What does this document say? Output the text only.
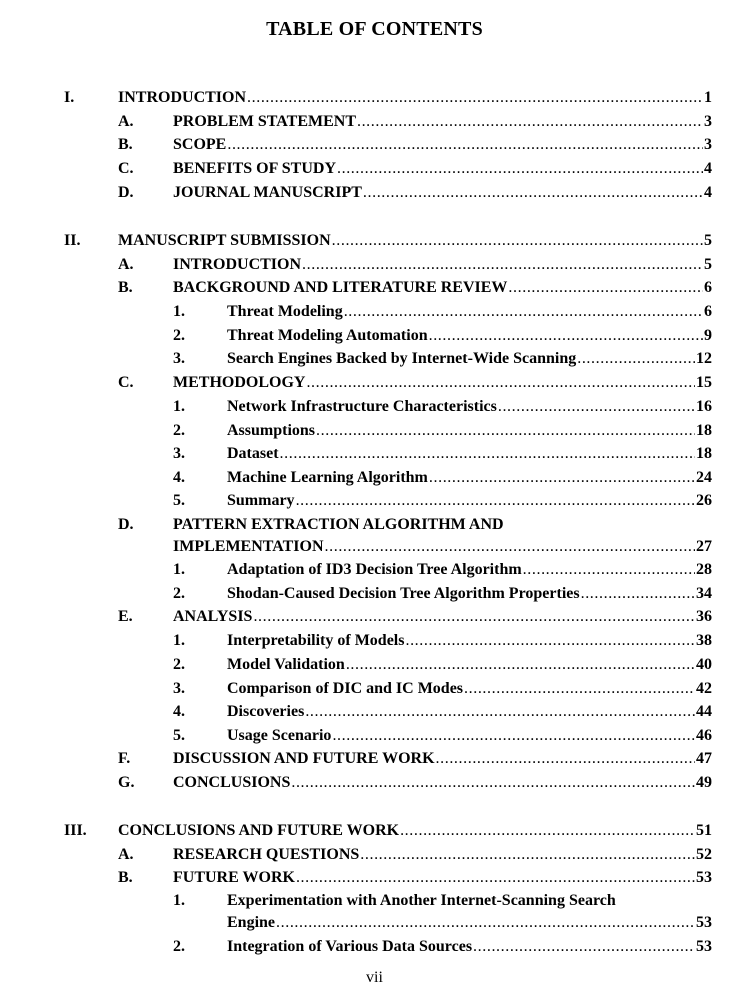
TABLE OF CONTENTS
I.	INTRODUCTION .....	1
A. PROBLEM STATEMENT .....	3
B.	SCOPE .....	3
C. BENEFITS OF STUDY .....	4
D. JOURNAL MANUSCRIPT .....	4
II. MANUSCRIPT SUBMISSION .....	5
A. INTRODUCTION .....	5
B.	BACKGROUND AND LITERATURE REVIEW .....	6
1.	Threat Modeling .....	6
2.	Threat Modeling Automation .....	9
3.	Search Engines Backed by Internet-Wide Scanning .....	12
C. METHODOLOGY .....	15
1.	Network Infrastructure Characteristics .....	16
2.	Assumptions .....	18
3.	Dataset .....	18
4.	Machine Learning Algorithm .....	24
5.	Summary .....	26
D. PATTERN EXTRACTION ALGORITHM AND
IMPLEMENTATION .....	27
1.	Adaptation of ID3 Decision Tree Algorithm .....	28
2.	Shodan-Caused Decision Tree Algorithm Properties .....	34
E.	ANALYSIS .....	36
1.	Interpretability of Models .....	38
2.	Model Validation .....	40
3.	Comparison of DIC and IC Modes .....	42
4.	Discoveries .....	44
5.	Usage Scenario .....	46
F.	DISCUSSION AND FUTURE WORK .....	47
G. CONCLUSIONS .....	49
III. CONCLUSIONS AND FUTURE WORK .....	51
A. RESEARCH QUESTIONS .....	52
B.	FUTURE WORK .....	53
1.	Experimentation with Another Internet-Scanning Search
Engine .....	53
2.	Integration of Various Data Sources .....	53
vii
